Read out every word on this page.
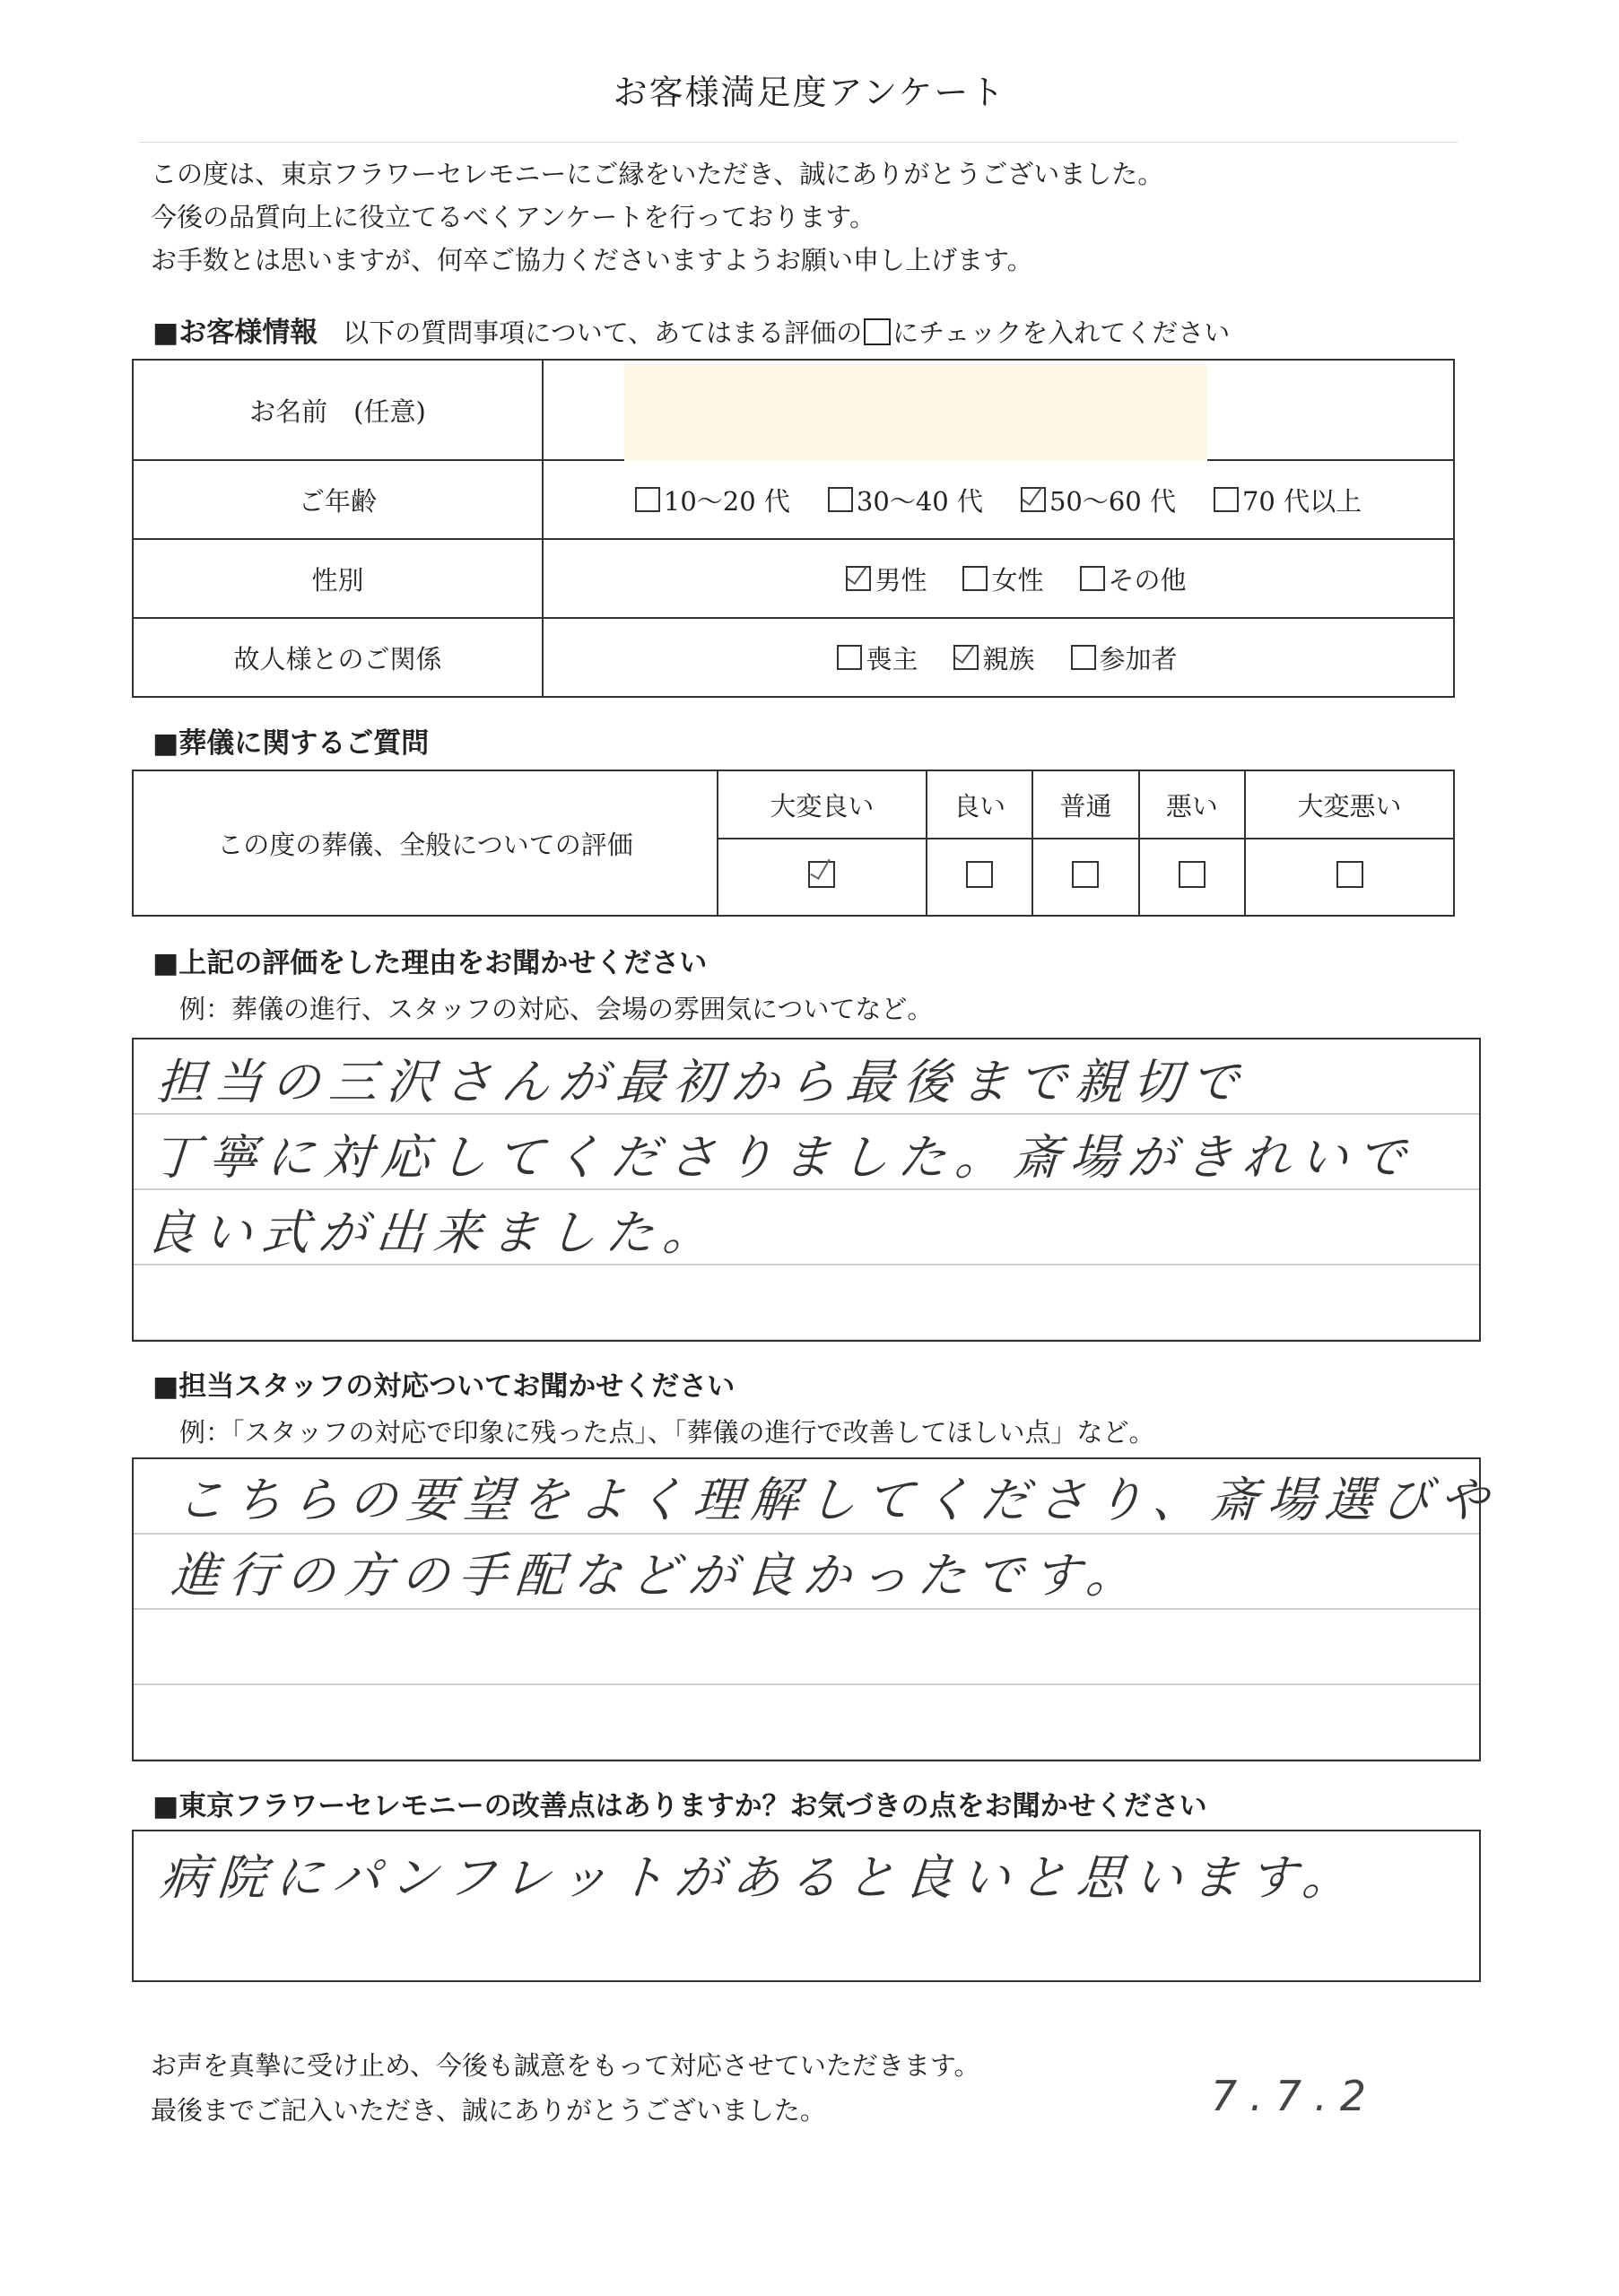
お客様満足度アンケート
この度は、東京フラワーセレモニーにご縁をいただき、誠にありがとうございました。
今後の品質向上に役立てるべくアンケートを行っております。
お手数とは思いますが、何卒ご協力くださいますようお願い申し上げます。
■お客様情報 以下の質問事項について、あてはまる評価の にチェックを入れてください
お名前　(任意)	

ご年齢	10～20 代 30～40 代 50～60 代 70 代以上

性別	男性 女性 その他

故人様とのご関係	喪主 親族 参加者
■葬儀に関するご質問
この度の葬儀、全般についての評価	大変良い	良い	普通	悪い	大変悪い

■上記の評価をした理由をお聞かせください
例：葬儀の進行、スタッフの対応、会場の雰囲気についてなど。
担当の三沢さんが最初から最後まで親切で
丁寧に対応してくださりました。斎場がきれいで
良い式が出来ました。
■担当スタッフの対応ついてお聞かせください
例：「スタッフの対応で印象に残った点」、「葬儀の進行で改善してほしい点」など。
こちらの要望をよく理解してくださり、斎場選びや
進行の方の手配などが良かったです。
■東京フラワーセレモニーの改善点はありますか？お気づきの点をお聞かせください
病院にパンフレットがあると良いと思います。
お声を真摯に受け止め、今後も誠意をもって対応させていただきます。
最後までご記入いただき、誠にありがとうございました。	7.7.2
